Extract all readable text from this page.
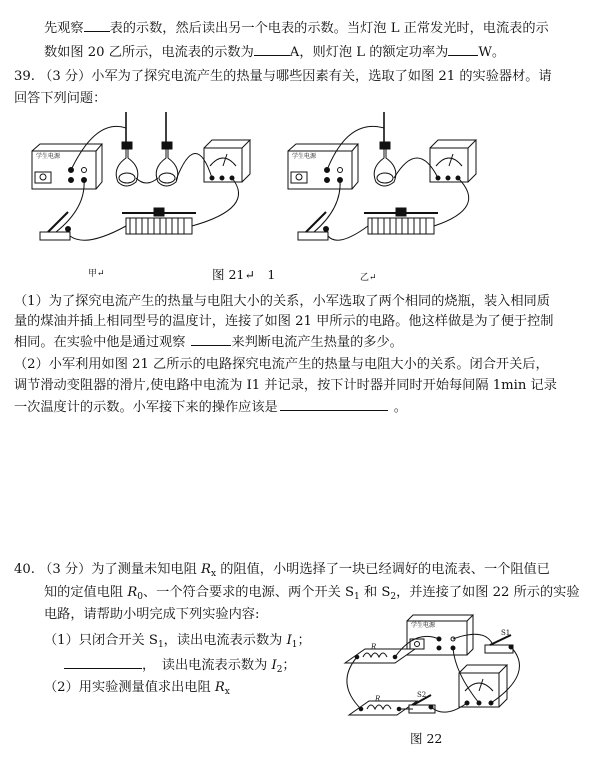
先观察 表的示数，然后读出另一个电表的示数。当灯泡 L 正常发光时，电流表的示
数如图 20 乙所示，电流表的示数为	A，则灯泡 L 的额定功率为 W。
39. （3 分）小军为了探究电流产生的热量与哪些因素有关，选取了如图 21 的实验器材。请
回答下列问题：
学生电源	学生电源
甲↵	图 21↵　1	乙↵
（1）为了探究电流产生的热量与电阻大小的关系，小军选取了两个相同的烧瓶，装入相同质
量的煤油并插上相同型号的温度计，连接了如图 21 甲所示的电路。他这样做是为了便于控制
相同。在实验中他是通过观察	来判断电流产生热量的多少。
（2）小军利用如图 21 乙所示的电路探究电流产生的热量与电阻大小的关系。闭合开关后，
调节滑动变阻器的滑片,使电路中电流为 I1 并记录，按下计时器并同时开始每间隔 1min 记录
一次温度计的示数。小军接下来的操作应该是	。
40. （3 分）为了测量未知电阻 $R_x$ 的阻值，小明选择了一块已经调好的电流表、一个阻值已
知的定值电阻 $R_0$、一个符合要求的电源、两个开关 $S_1$ 和 $S_2$，并连接了如图 22 所示的实验
电路，请帮助小明完成下列实验内容:
（1）只闭合开关 $S_1$，读出电流表示数为 $I_1$；
，　读出电流表示数为 $I_2$；
（2）用实验测量值求出电阻 $R_x$
学生电源
S1
S2
R
R
图 22
